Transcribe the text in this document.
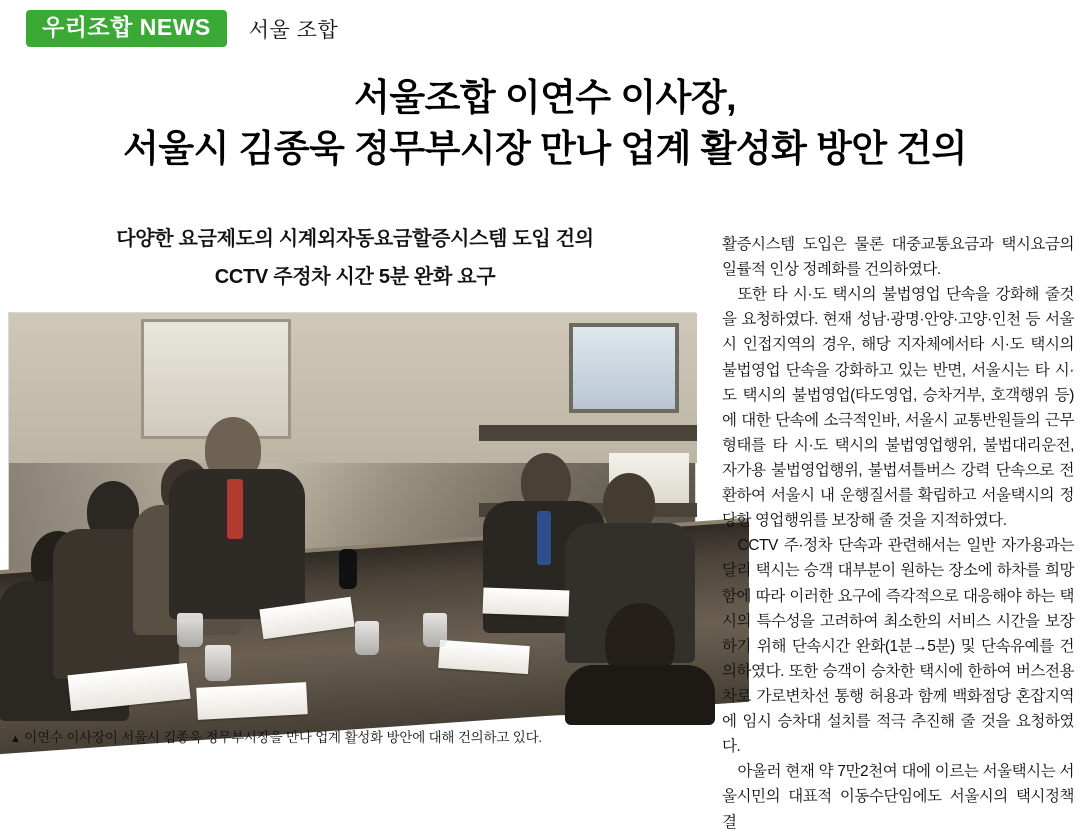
우리조합 NEWS	서울 조합
서울조합 이연수 이사장,
서울시 김종욱 정무부시장 만나 업계 활성화 방안 건의
다양한 요금제도의 시계외자동요금할증시스템 도입 건의
CCTV 주정차 시간 5분 완화 요구
▲ 이연수 이사장이 서울시 김종욱 정무부시장을 만나 업계 활성화 방안에 대해 건의하고 있다.

활증시스템 도입은 물론 대중교통요금과 택시요금의 일률적 인상 정례화를 건의하였다.

또한 타 시·도 택시의 불법영업 단속을 강화해 줄것을 요청하였다. 현재 성남·광명·안양·고양·인천 등 서울시 인접지역의 경우, 해당 지자체에서타 시·도 택시의 불법영업 단속을 강화하고 있는 반면, 서울시는 타 시·도 택시의 불법영업(타도영업, 승차거부, 호객행위 등)에 대한 단속에 소극적인바, 서울시 교통반원들의 근무형태를 타 시·도 택시의 불법영업행위, 불법대리운전, 자가용 불법영업행위, 불법셔틀버스 강력 단속으로 전환하여 서울시 내 운행질서를 확립하고 서울택시의 정당한 영업행위를 보장해 줄 것을 지적하였다.

CCTV 주·정차 단속과 관련해서는 일반 자가용과는 달리 택시는 승객 대부분이 원하는 장소에 하차를 희망함에 따라 이러한 요구에 즉각적으로 대응해야 하는 택시의 특수성을 고려하여 최소한의 서비스 시간을 보장하기 위해 단속시간 완화(1분→5분) 및 단속유예를 건의하였다. 또한 승객이 승차한 택시에 한하여 버스전용차로 가로변차선 통행 허용과 함께 백화점당 혼잡지역에 임시 승차대 설치를 적극 추진해 줄 것을 요청하였다.

아울러 현재 약 7만2천여 대에 이르는 서울택시는 서울시민의 대표적 이동수단임에도 서울시의 택시정책 결
